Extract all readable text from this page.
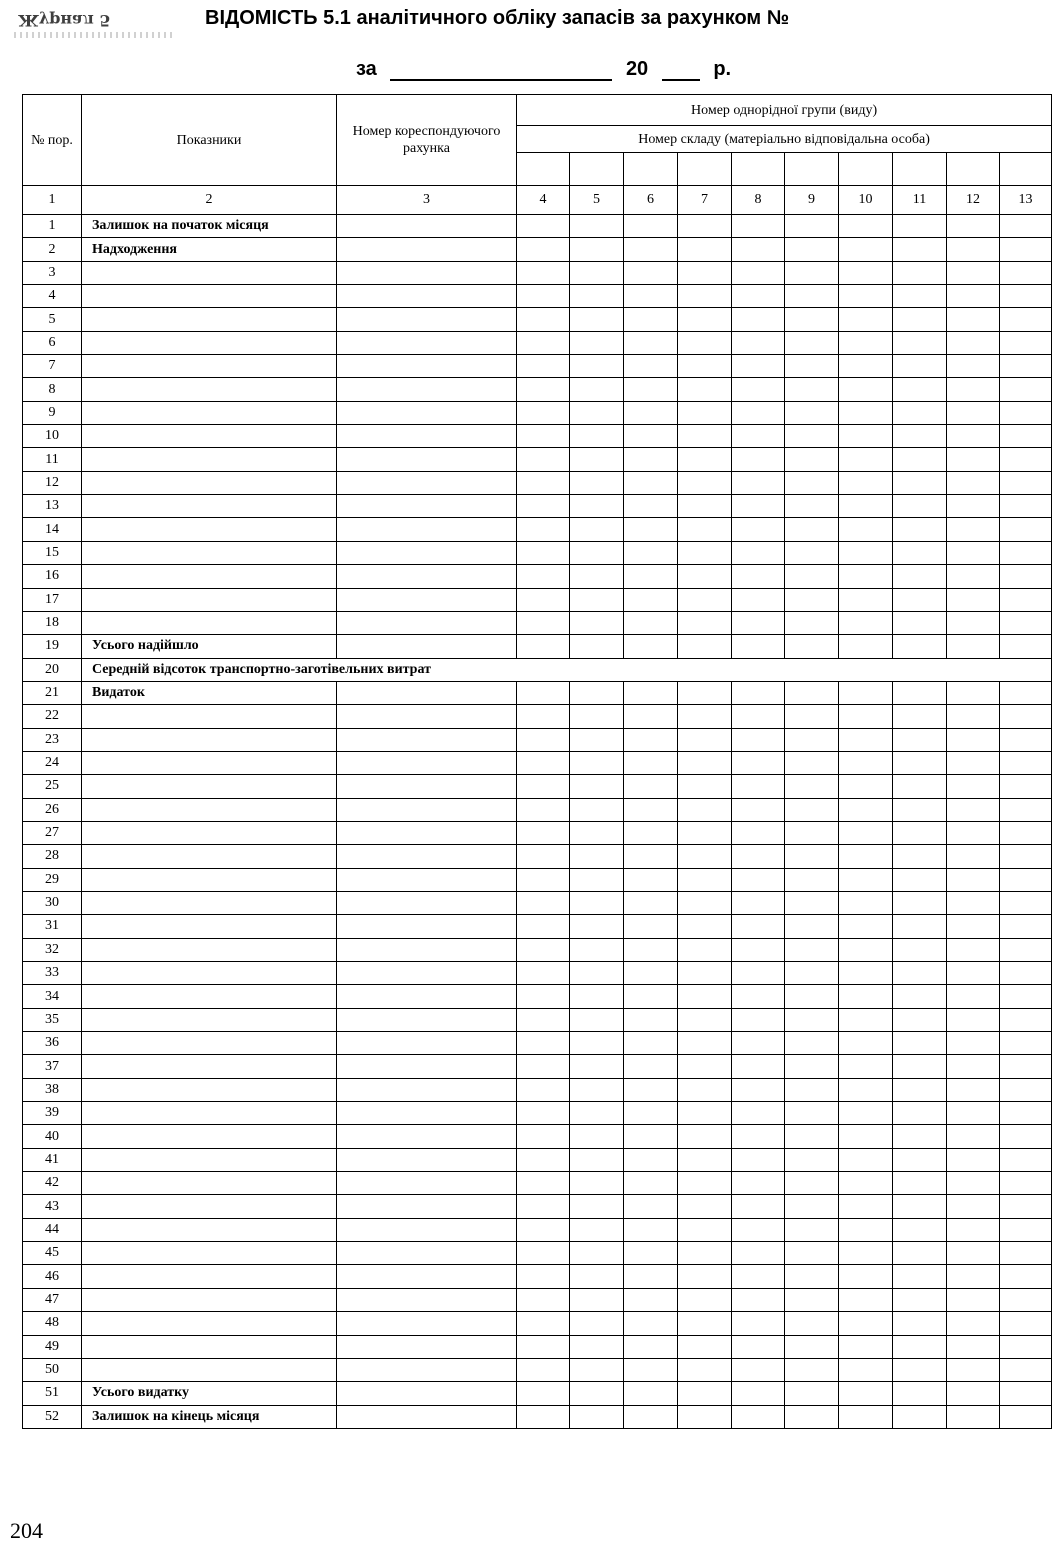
Журнал 5	ВІДОМІСТЬ 5.1 аналітичного обліку запасів за рахунком №
за	20	р.
№ пор.	Показники	Номер кореспондуючого рахунка	Номер однорідної групи (виду)									
			Номер складу (матеріально відповідальна особа)									

1	2	3	4	5	6	7	8	9	10	11	12	13
1	Залишок на початок місяця											
2	Надходження											
3												
4												
5												
6												
7												
8												
9												
10												
11												
12												
13												
14												
15												
16												
17												
18												
19	Усього надійшло											
20	Середній відсоток транспортно-заготівельних витрат											
21	Видаток											
22												
23												
24												
25												
26												
27												
28												
29												
30												
31												
32												
33												
34												
35												
36												
37												
38												
39												
40												
41												
42												
43												
44												
45												
46												
47												
48												
49												
50												
51	Усього видатку											
52	Залишок на кінець місяця											
204
